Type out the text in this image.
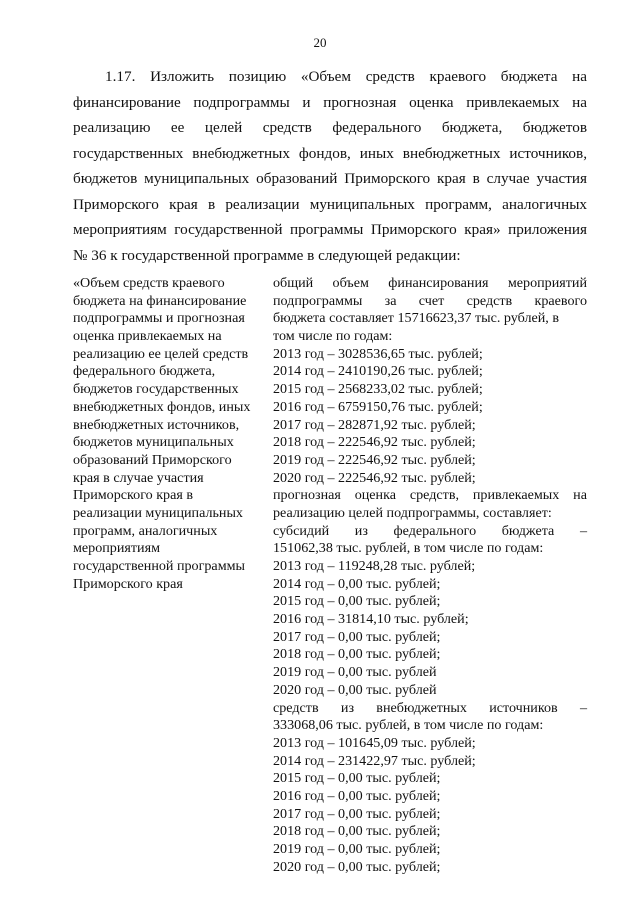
20
1.17. Изложить позицию «Объем средств краевого бюджета на
финансирование подпрограммы и прогнозная оценка привлекаемых на
реализацию ее целей средств федерального бюджета, бюджетов
государственных внебюджетных фондов, иных внебюджетных источников,
бюджетов муниципальных образований Приморского края в случае участия
Приморского края в реализации муниципальных программ, аналогичных
мероприятиям государственной программы Приморского края» приложения
№ 36 к государственной программе в следующей редакции:
«Объем средств краевого
бюджета на финансирование
подпрограммы и прогнозная
оценка привлекаемых на
реализацию ее целей средств
федерального бюджета,
бюджетов государственных
внебюджетных фондов, иных
внебюджетных источников,
бюджетов муниципальных
образований Приморского
края в случае участия
Приморского края в
реализации муниципальных
программ, аналогичных
мероприятиям
государственной программы
Приморского края
общий объем финансирования мероприятий
подпрограммы за счет средств краевого
бюджета составляет 15716623,37 тыс. рублей, в
том числе по годам:
2013 год – 3028536,65 тыс. рублей;
2014 год – 2410190,26 тыс. рублей;
2015 год – 2568233,02 тыс. рублей;
2016 год – 6759150,76 тыс. рублей;
2017 год – 282871,92 тыс. рублей;
2018 год – 222546,92 тыс. рублей;
2019 год – 222546,92 тыс. рублей;
2020 год – 222546,92 тыс. рублей;
прогнозная оценка средств, привлекаемых на
реализацию целей подпрограммы, составляет:
субсидий из федерального бюджета –
151062,38 тыс. рублей, в том числе по годам:
2013 год – 119248,28 тыс. рублей;
2014 год – 0,00 тыс. рублей;
2015 год – 0,00 тыс. рублей;
2016 год – 31814,10 тыс. рублей;
2017 год – 0,00 тыс. рублей;
2018 год – 0,00 тыс. рублей;
2019 год – 0,00 тыс. рублей
2020 год – 0,00 тыс. рублей
средств из внебюджетных источников –
333068,06 тыс. рублей, в том числе по годам:
2013 год – 101645,09 тыс. рублей;
2014 год – 231422,97 тыс. рублей;
2015 год – 0,00 тыс. рублей;
2016 год – 0,00 тыс. рублей;
2017 год – 0,00 тыс. рублей;
2018 год – 0,00 тыс. рублей;
2019 год – 0,00 тыс. рублей;
2020 год – 0,00 тыс. рублей;
